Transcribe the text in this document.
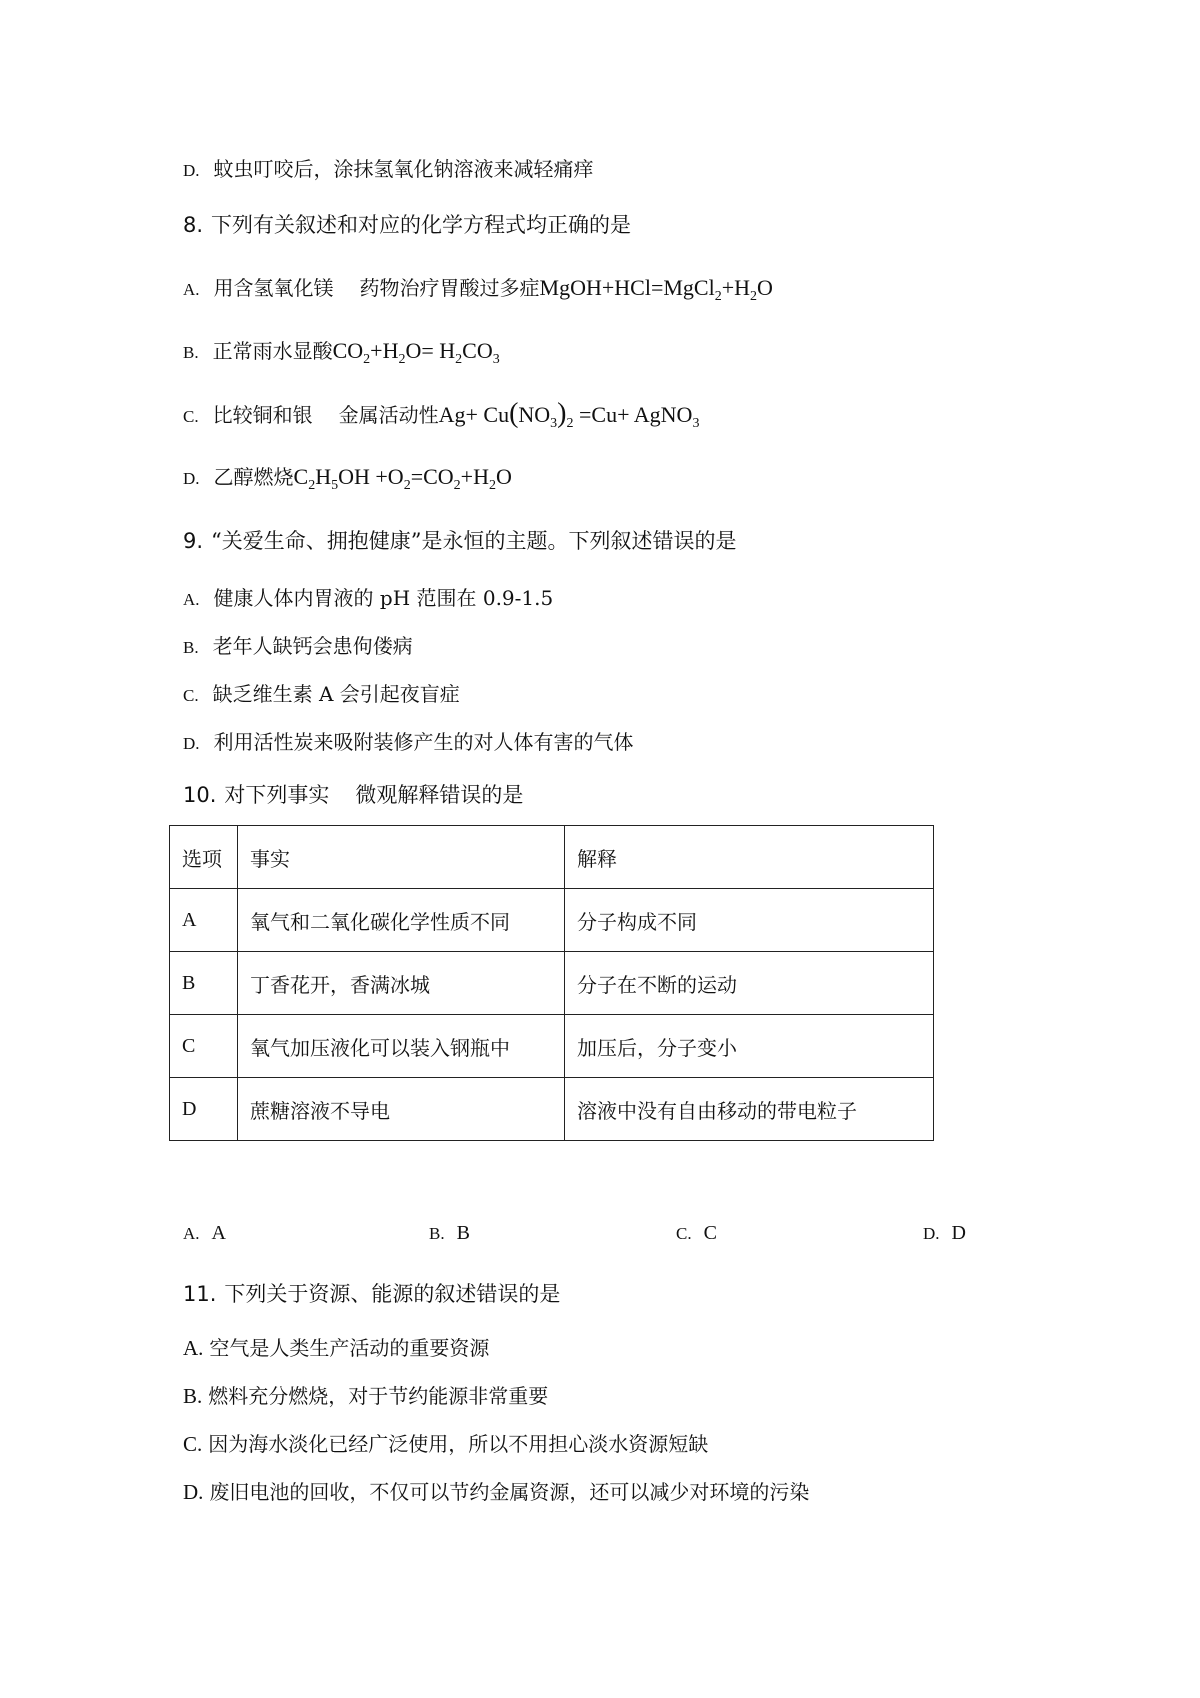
D. 蚊虫叮咬后，涂抹氢氧化钠溶液来减轻痛痒
8. 下列有关叙述和对应的化学方程式均正确的是
A. 用含氢氧化镁 药物治疗胃酸过多症$MgOH+HCl=MgCl_2+H_2O$
B. 正常雨水显酸$CO_2+H_2O= H_2CO_3$
C. 比较铜和银 金属活动性$Ag+ Cu(NO_3)_2 =Cu+$ AgNO$_3$
D. 乙醇燃烧$C_2H_5OH +O_2=CO_2+H_2O$
9. “关爱生命、拥抱健康”是永恒的主题。下列叙述错误的是
A. 健康人体内胃液的 pH 范围在 0.9-1.5
B. 老年人缺钙会患佝偻病
C. 缺乏维生素 A 会引起夜盲症
D. 利用活性炭来吸附装修产生的对人体有害的气体
10. 对下列事实 微观解释错误的是
选项	事实	解释
A	氧气和二氧化碳化学性质不同	分子构成不同
B	丁香花开，香满冰城	分子在不断的运动
C	氧气加压液化可以装入钢瓶中	加压后，分子变小
D	蔗糖溶液不导电	溶液中没有自由移动的带电粒子
A. A	B. B	C. C	D. D
11. 下列关于资源、能源的叙述错误的是
A. 空气是人类生产活动的重要资源
B. 燃料充分燃烧，对于节约能源非常重要
C. 因为海水淡化已经广泛使用，所以不用担心淡水资源短缺
D. 废旧电池的回收，不仅可以节约金属资源，还可以减少对环境的污染
